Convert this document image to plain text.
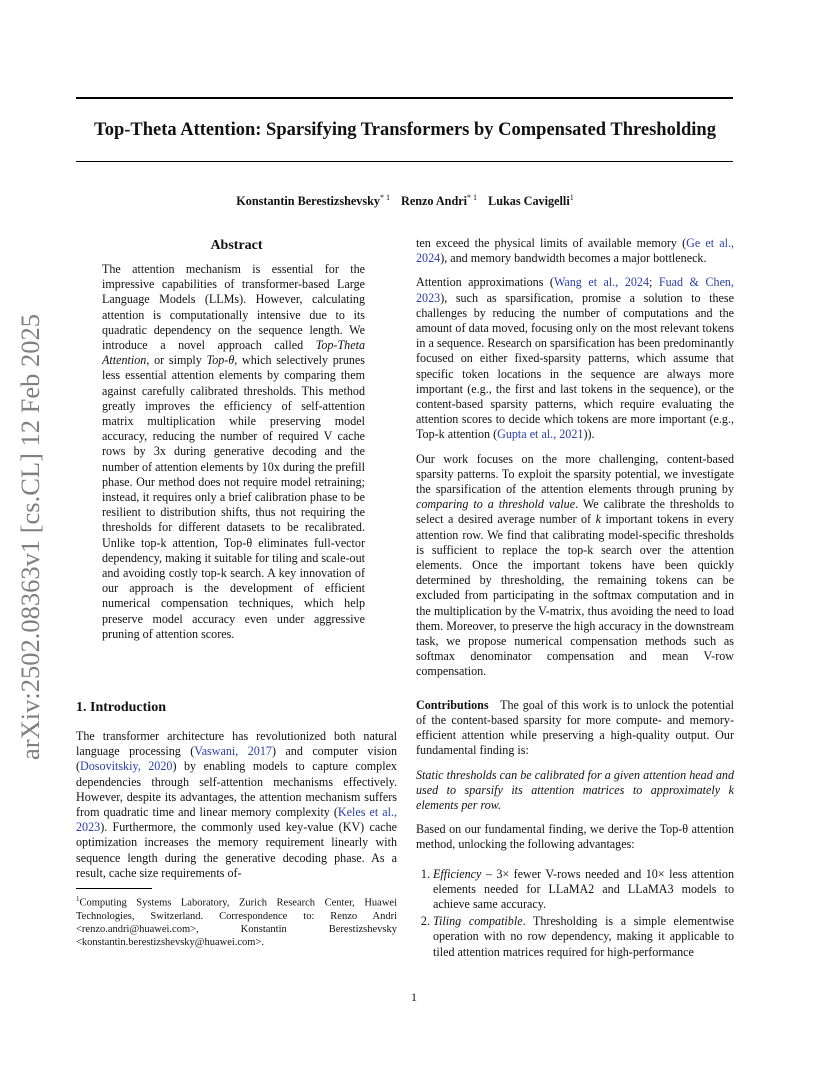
Top-Theta Attention: Sparsifying Transformers by Compensated Thresholding
Konstantin Berestizshevsky$^{* 1}$ Renzo Andri$^{* 1}$ Lukas Cavigelli$^1$
arXiv:2502.08363v1 [cs.CL] 12 Feb 2025
Abstract

The attention mechanism is essential for the impressive capabilities of transformer-based Large Language Models (LLMs). However, calculating attention is computationally intensive due to its quadratic dependency on the sequence length. We introduce a novel approach called Top-Theta Attention, or simply Top-θ, which selectively prunes less essential attention elements by comparing them against carefully calibrated thresholds. This method greatly improves the efficiency of self-attention matrix multiplication while preserving model accuracy, reducing the number of required V cache rows by 3x during generative decoding and the number of attention elements by 10x during the prefill phase. Our method does not require model retraining; instead, it requires only a brief calibration phase to be resilient to distribution shifts, thus not requiring the thresholds for different datasets to be recalibrated. Unlike top-k attention, Top-θ eliminates full-vector dependency, making it suitable for tiling and scale-out and avoiding costly top-k search. A key innovation of our approach is the development of efficient numerical compensation techniques, which help preserve model accuracy even under aggressive pruning of attention scores.

1. Introduction

The transformer architecture has revolutionized both natural language processing (Vaswani, 2017) and computer vision (Dosovitskiy, 2020) by enabling models to capture complex dependencies through self-attention mechanisms effectively. However, despite its advantages, the attention mechanism suffers from quadratic time and linear memory complexity (Keles et al., 2023). Furthermore, the commonly used key-value (KV) cache optimization increases the memory requirement linearly with sequence length during the generative decoding phase. As a result, cache size requirements of-

$^1$Computing Systems Laboratory, Zurich Research Center, Huawei Technologies, Switzerland. Correspondence to: Renzo Andri <renzo.andri@huawei.com>, Konstantin Berestizshevsky <konstantin.berestizshevsky@huawei.com>.

ten exceed the physical limits of available memory (Ge et al., 2024), and memory bandwidth becomes a major bottleneck.

Attention approximations (Wang et al., 2024; Fuad & Chen, 2023), such as sparsification, promise a solution to these challenges by reducing the number of computations and the amount of data moved, focusing only on the most relevant tokens in a sequence. Research on sparsification has been predominantly focused on either fixed-sparsity patterns, which assume that specific token locations in the sequence are always more important (e.g., the first and last tokens in the sequence), or the content-based sparsity patterns, which require evaluating the attention scores to decide which tokens are more important (e.g., Top-k attention (Gupta et al., 2021)).

Our work focuses on the more challenging, content-based sparsity patterns. To exploit the sparsity potential, we investigate the sparsification of the attention elements through pruning by comparing to a threshold value. We calibrate the thresholds to select a desired average number of k important tokens in every attention row. We find that calibrating model-specific thresholds is sufficient to replace the top-k search over the attention elements. Once the important tokens have been quickly determined by thresholding, the remaining tokens can be excluded from participating in the softmax computation and in the multiplication by the V-matrix, thus avoiding the need to load them. Moreover, to preserve the high accuracy in the downstream task, we propose numerical compensation methods such as softmax denominator compensation and mean V-row compensation.

Contributions The goal of this work is to unlock the potential of the content-based sparsity for more compute- and memory-efficient attention while preserving a high-quality output. Our fundamental finding is:

Static thresholds can be calibrated for a given attention head and used to sparsify its attention matrices to approximately k elements per row.

Based on our fundamental finding, we derive the Top-θ attention method, unlocking the following advantages:

1. Efficiency – 3× fewer V-rows needed and 10× less attention elements needed for LLaMA2 and LLaMA3 models to achieve same accuracy.
2. Tiling compatible. Thresholding is a simple elementwise operation with no row dependency, making it applicable to tiled attention matrices required for high-performance
1
